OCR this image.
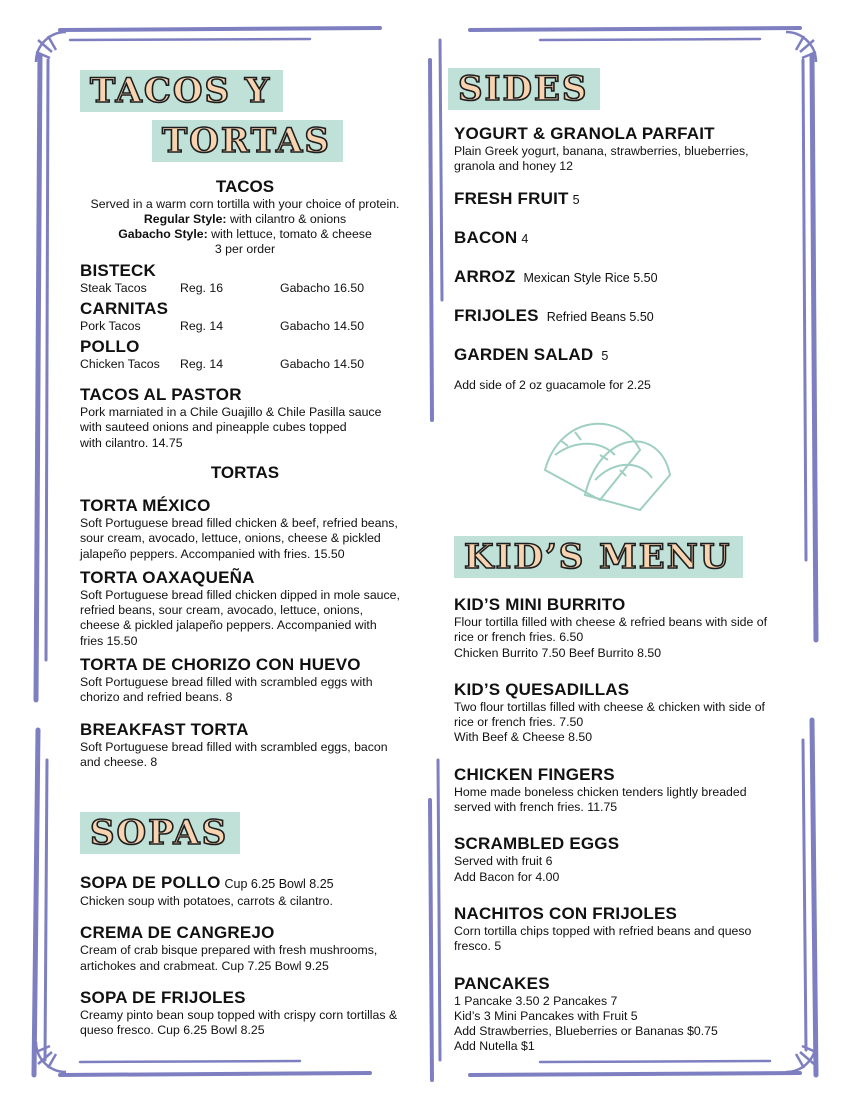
TACOS Y
TORTAS
TACOS
Served in a warm corn tortilla with your choice of protein.
Regular Style: with cilantro & onions
Gabacho Style: with lettuce, tomato & cheese
3 per order
BISTECK
Steak Tacos	Reg. 16	Gabacho 16.50
CARNITAS
Pork Tacos	Reg. 14	Gabacho 14.50
POLLO
Chicken Tacos	Reg. 14	Gabacho 14.50
TACOS AL PASTOR
Pork marniated in a Chile Guajillo & Chile Pasilla sauce
with sauteed onions and pineapple cubes topped
with cilantro. 14.75
TORTAS
TORTA MÉXICO
Soft Portuguese bread filled chicken & beef, refried beans,
sour cream, avocado, lettuce, onions, cheese & pickled
jalapeño peppers. Accompanied with fries. 15.50
TORTA OAXAQUEÑA
Soft Portuguese bread filled chicken dipped in mole sauce,
refried beans, sour cream, avocado, lettuce, onions,
cheese & pickled jalapeño peppers. Accompanied with
fries 15.50
TORTA DE CHORIZO CON HUEVO
Soft Portuguese bread filled with scrambled eggs with
chorizo and refried beans. 8
BREAKFAST TORTA
Soft Portuguese bread filled with scrambled eggs, bacon
and cheese. 8
SOPAS
SOPA DE POLLO Cup 6.25 Bowl 8.25
Chicken soup with potatoes, carrots & cilantro.
CREMA DE CANGREJO
Cream of crab bisque prepared with fresh mushrooms,
artichokes and crabmeat. Cup 7.25 Bowl 9.25
SOPA DE FRIJOLES
Creamy pinto bean soup topped with crispy corn tortillas &
queso fresco. Cup 6.25 Bowl 8.25
SIDES
YOGURT & GRANOLA PARFAIT
Plain Greek yogurt, banana, strawberries, blueberries,
granola and honey 12
FRESH FRUIT 5
BACON 4
ARROZ Mexican Style Rice 5.50
FRIJOLES Refried Beans 5.50
GARDEN SALAD 5
Add side of 2 oz guacamole for 2.25
KID’S MENU
KID’S MINI BURRITO
Flour tortilla filled with cheese & refried beans with side of
rice or french fries. 6.50
Chicken Burrito 7.50 Beef Burrito 8.50
KID’S QUESADILLAS
Two flour tortillas filled with cheese & chicken with side of
rice or french fries. 7.50
With Beef & Cheese 8.50
CHICKEN FINGERS
Home made boneless chicken tenders lightly breaded
served with french fries. 11.75
SCRAMBLED EGGS
Served with fruit 6
Add Bacon for 4.00
NACHITOS CON FRIJOLES
Corn tortilla chips topped with refried beans and queso
fresco. 5
PANCAKES
1 Pancake 3.50 2 Pancakes 7
Kid’s 3 Mini Pancakes with Fruit 5
Add Strawberries, Blueberries or Bananas $0.75
Add Nutella $1
